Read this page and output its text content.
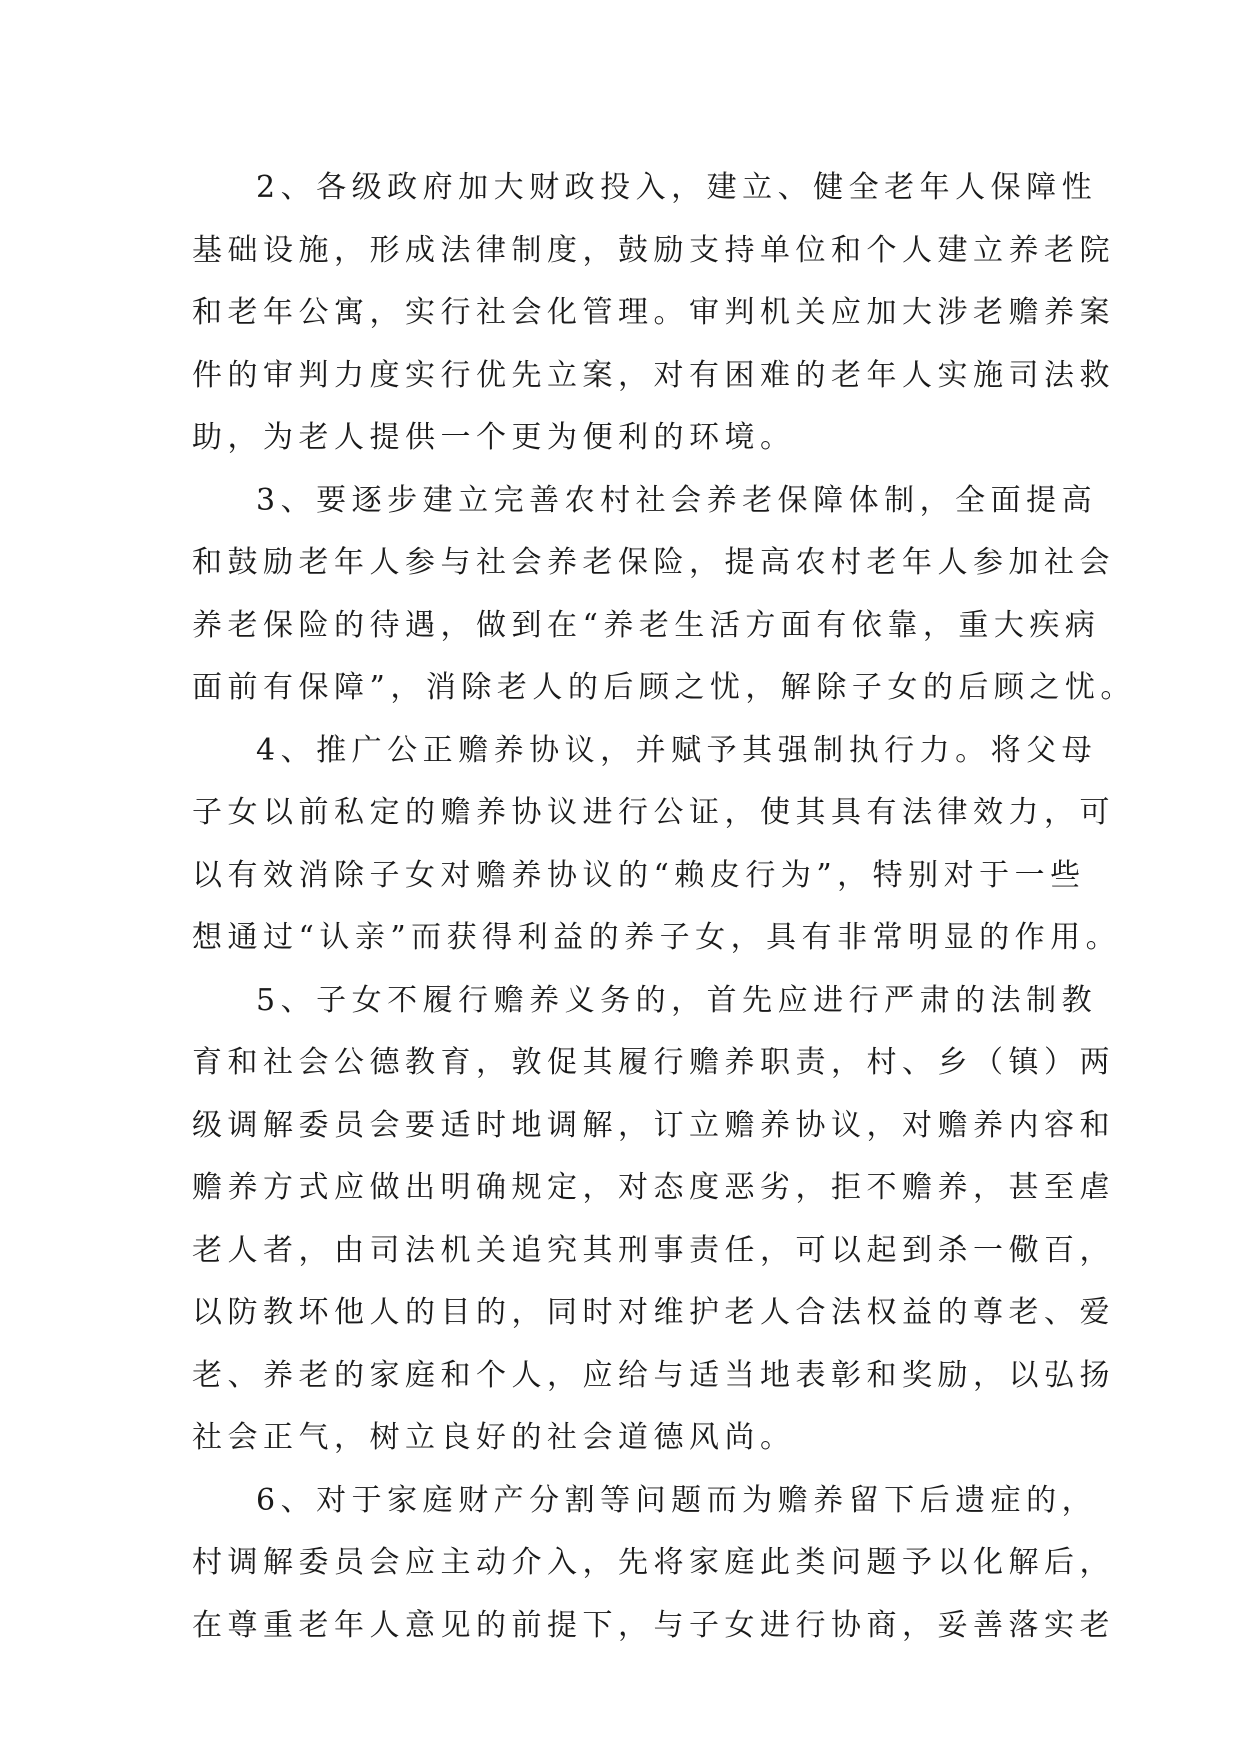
2、各级政府加大财政投入，建立、健全老年人保障性
基础设施，形成法律制度，鼓励支持单位和个人建立养老院
和老年公寓，实行社会化管理。审判机关应加大涉老赡养案
件的审判力度实行优先立案，对有困难的老年人实施司法救
助，为老人提供一个更为便利的环境。
3、要逐步建立完善农村社会养老保障体制，全面提高
和鼓励老年人参与社会养老保险，提高农村老年人参加社会
养老保险的待遇，做到在“养老生活方面有依靠，重大疾病
面前有保障”，消除老人的后顾之忧，解除子女的后顾之忧。
4、推广公正赡养协议，并赋予其强制执行力。将父母
子女以前私定的赡养协议进行公证，使其具有法律效力，可
以有效消除子女对赡养协议的“赖皮行为”，特别对于一些
想通过“认亲”而获得利益的养子女，具有非常明显的作用。
5、子女不履行赡养义务的，首先应进行严肃的法制教
育和社会公德教育，敦促其履行赡养职责，村、乡（镇）两
级调解委员会要适时地调解，订立赡养协议，对赡养内容和
赡养方式应做出明确规定，对态度恶劣，拒不赡养，甚至虐
老人者，由司法机关追究其刑事责任，可以起到杀一儆百，
以防教坏他人的目的，同时对维护老人合法权益的尊老、爱
老、养老的家庭和个人，应给与适当地表彰和奖励，以弘扬
社会正气，树立良好的社会道德风尚。
6、对于家庭财产分割等问题而为赡养留下后遗症的，
村调解委员会应主动介入，先将家庭此类问题予以化解后，
在尊重老年人意见的前提下，与子女进行协商，妥善落实老
